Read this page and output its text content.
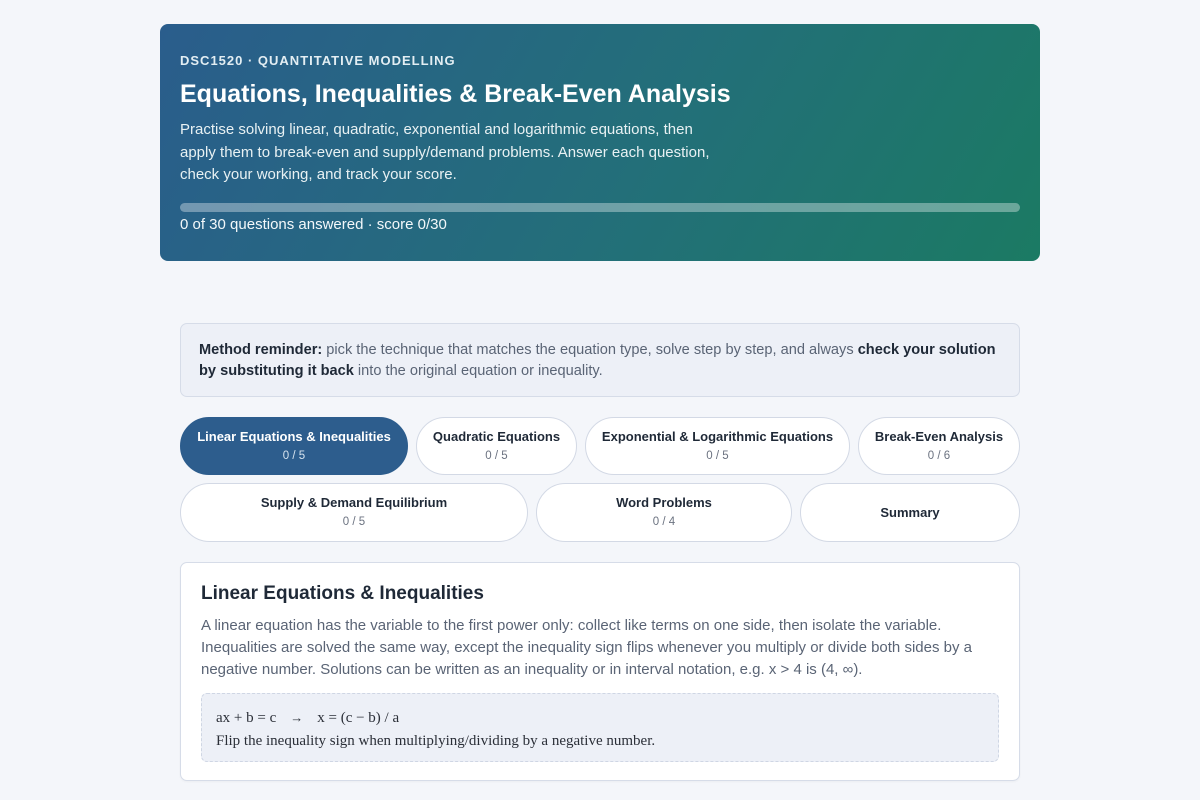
DSC1520 · QUANTITATIVE MODELLING
Equations, Inequalities & Break-Even Analysis

Practise solving linear, quadratic, exponential and logarithmic equations, then apply them to break-even and supply/demand problems. Answer each question, check your working, and track your score.

0 of 30 questions answered · score 0/30
Method reminder: pick the technique that matches the equation type, solve step by step, and always check your solution by substituting it back into the original equation or inequality.
Linear Equations & Inequalities
0 / 5
Quadratic Equations
0 / 5
Exponential & Logarithmic Equations
0 / 5
Break-Even Analysis
0 / 6
Supply & Demand Equilibrium
0 / 5
Word Problems
0 / 4
Summary
Linear Equations & Inequalities

A linear equation has the variable to the first power only: collect like terms on one side, then isolate the variable. Inequalities are solved the same way, except the inequality sign flips whenever you multiply or divide both sides by a negative number. Solutions can be written as an inequality or in interval notation, e.g. x > 4 is (4, ∞).

ax + b = c → x = (c − b) / a
Flip the inequality sign when multiplying/dividing by a negative number.
